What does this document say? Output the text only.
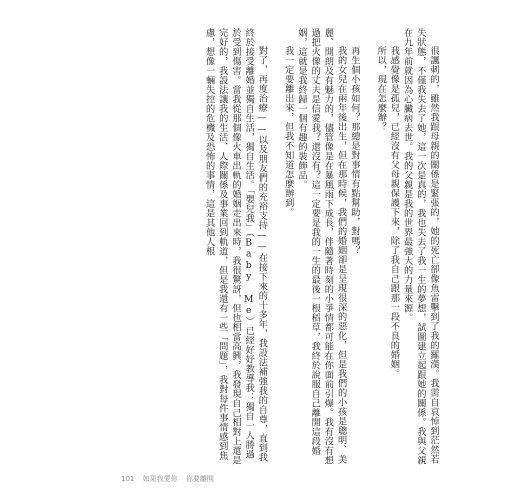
很諷刺的，雖然我跟母親的關係是緊張的，她的死亡卻像魚雷擊到了我的羅漢。我需自哀悼到茫然若失狀態，不僅我失去了她，這一次是真的，我也失去了我一生的夢想，試圖建立起跟她的關係。我與父親在九年前就因為心臟病去世。我的父親是我的世界最強大的力量來源。

我感覺像是孤兒，已經沒有父母親保護下來，除了我自己跟那一段不良的婚姻。

所以，現在怎麼辦？

再生個小孩如何？那總是對事情有點幫助，對嗎？

我的女兒在兩年後出生，但在那時候，我們的婚姻卻是呈現很深的惡化，但是我們的小孩是聰明、美麗、開朗及有魅力的，儘管像是在暴風雨下成長，伴隨著時刻的小爭情都可能在你面前引爆。我有沒有想過把火像的丈夫是信愛我？還沒有？這一定要是我的一生的最後一根稻草，我終於說服自己離開這段婚姻，這就是我終歸一個有趣的裝飾品。

我一定要離出來，但我不知道怎麼辦到。

對了，再度治療——以及朋友們的充裕支持——在接下來的十多年，我設法補強我的自尊，直到我終於接受離婚並獨自生活，獨自生活。「嬰兒我」（Baby Me）已經好好教導我：獨自一人勝過於受到傷害。當我從那個像火車出軌的婚姻走出來時，我很驚訝，但也相當高興，我發現自己相對上還是完好的，我設法讓我的生活、人際關係及事業回到軌道，但是我還有一些「問題」，我對每件事情感到焦慮，想像一輛失控的危機及恐怖的事情，這是其他人根

101 如果我愛你 你要離開
